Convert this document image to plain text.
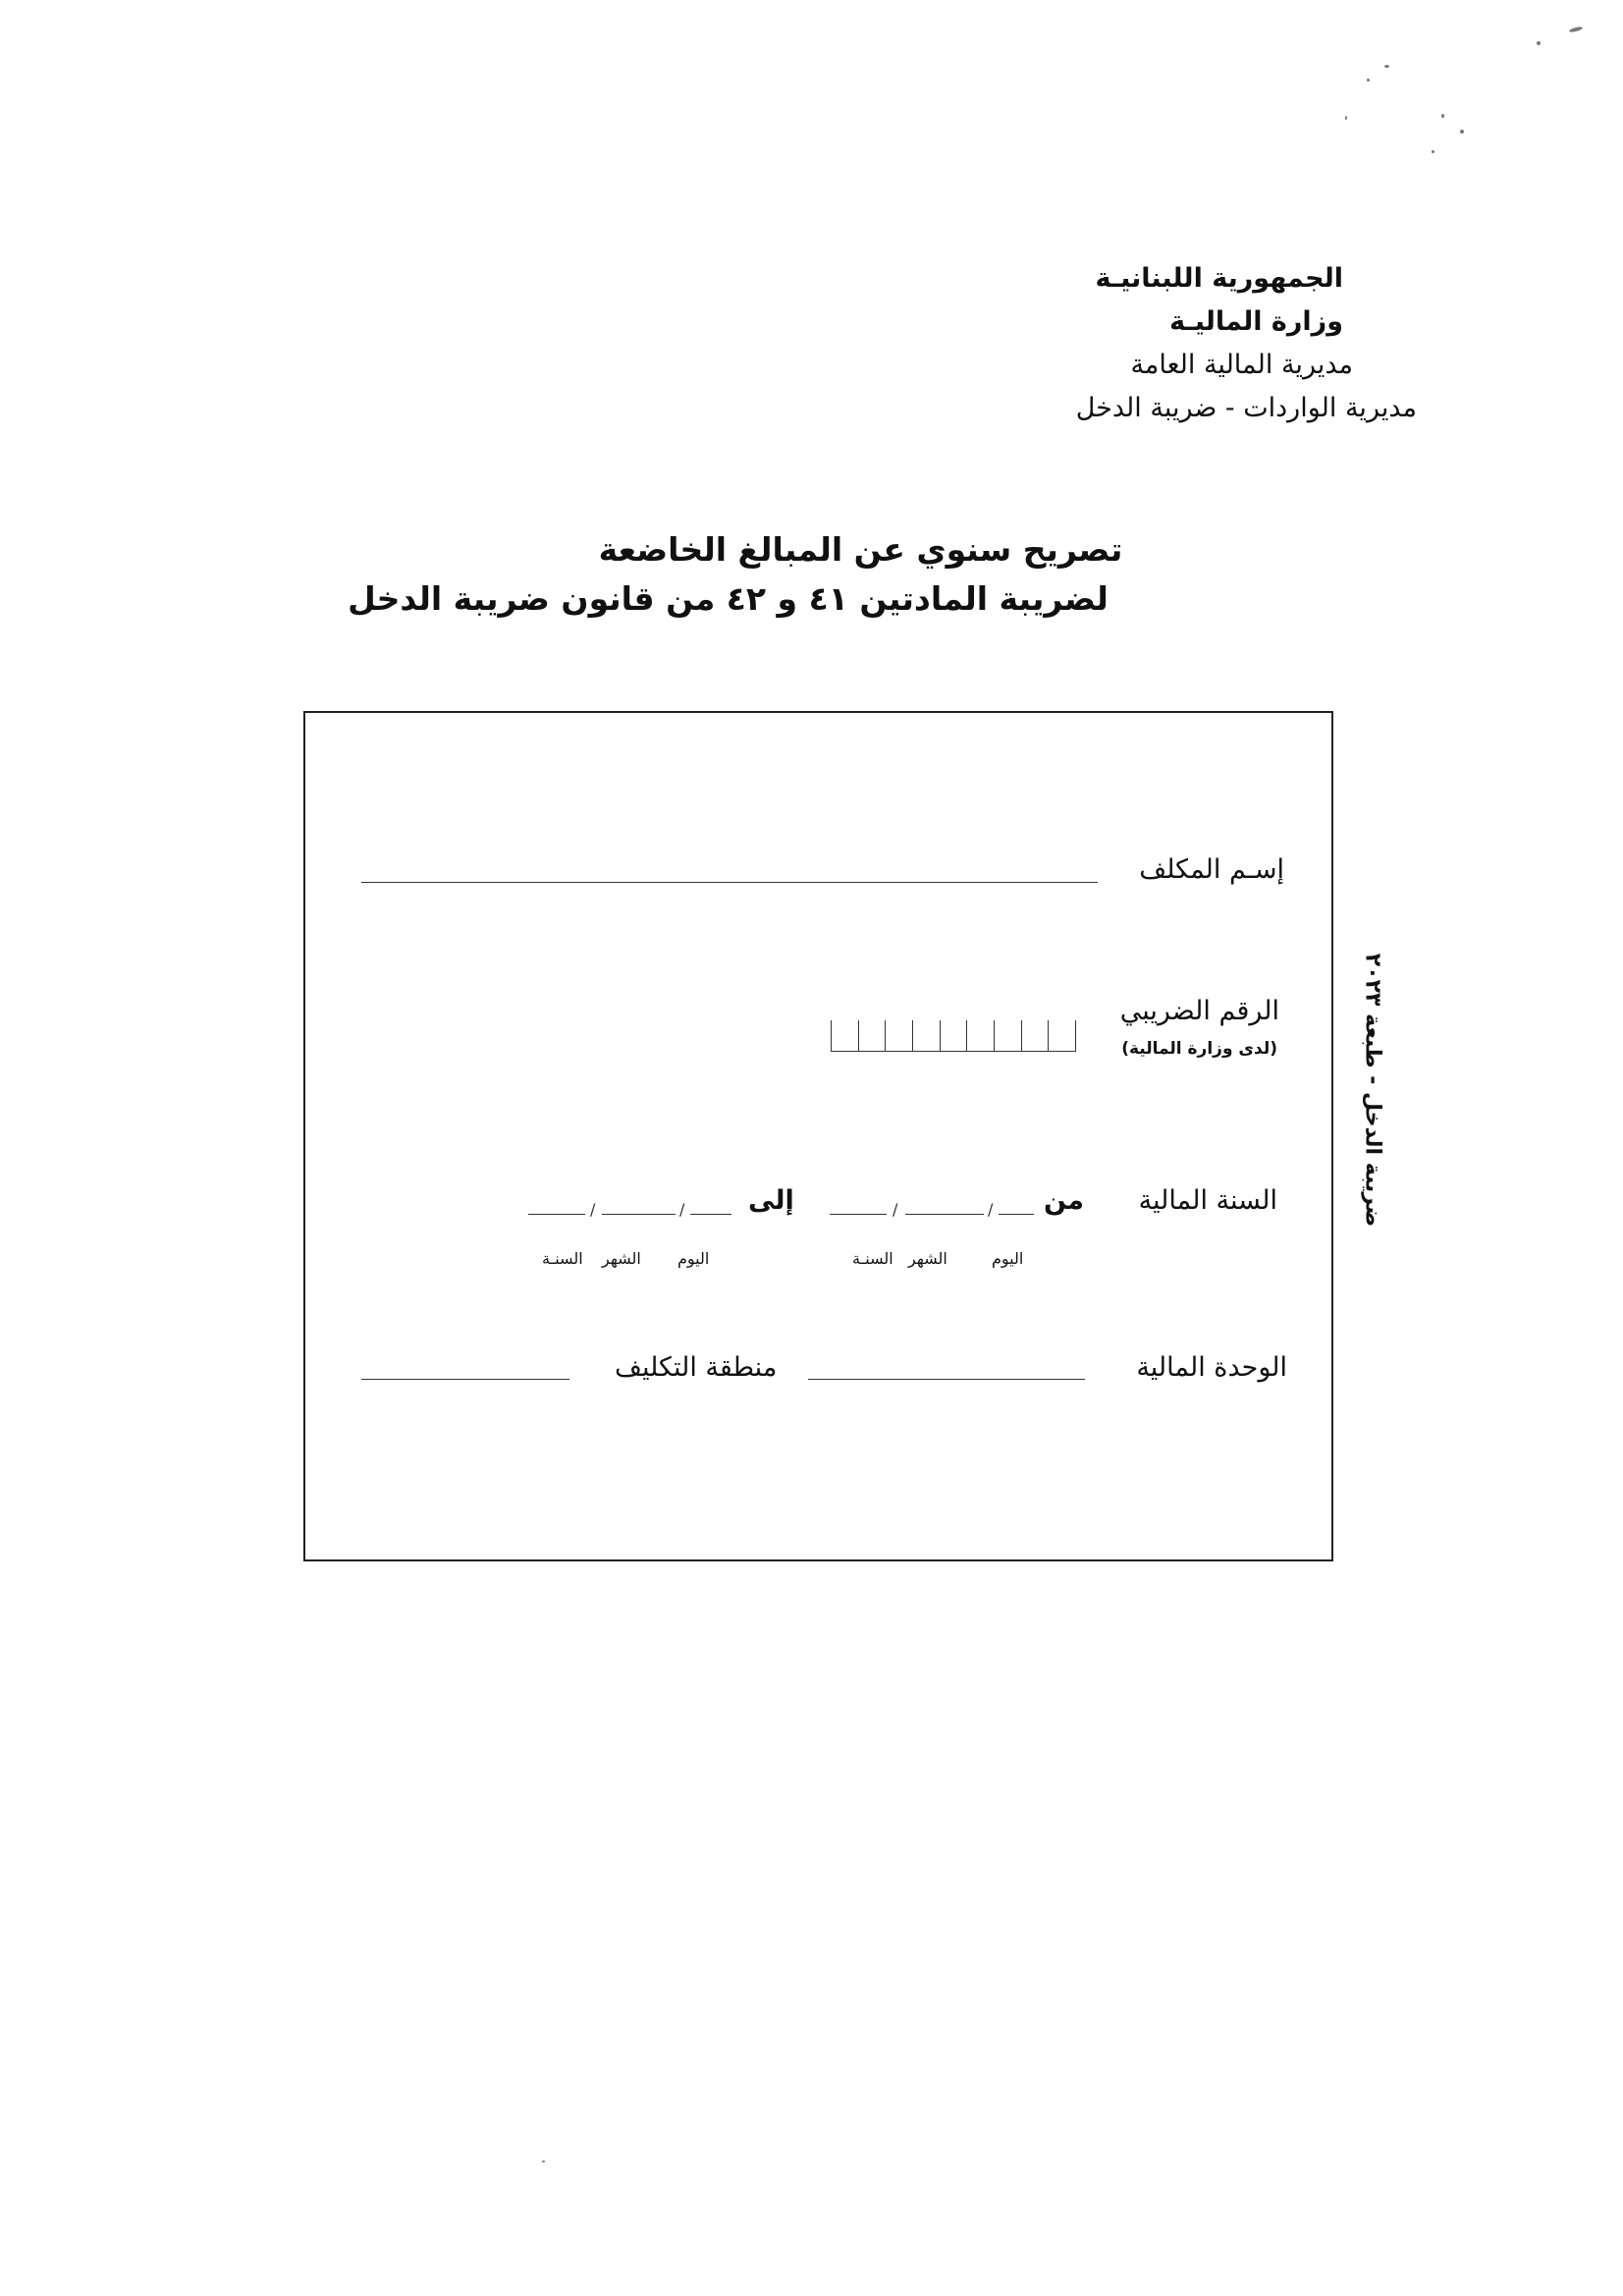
الجمهورية اللبنانيـة
وزارة الماليـة
مديرية المالية العامة
مديرية الواردات - ضريبة الدخل
تصريح سنوي عن المبالغ الخاضعة
لضريبة المادتين ٤١ و ٤٢ من قانون ضريبة الدخل
إسـم المكلف
الرقم الضريبي
(لدى وزارة المالية)
السنة المالية
من
/
/
اليوم
الشهر
السنـة
إلى
/
/
اليوم
الشهر
السنـة
الوحدة المالية
منطقة التكليف
ضريبة الدخل - طبعة ٢٠٢٣
